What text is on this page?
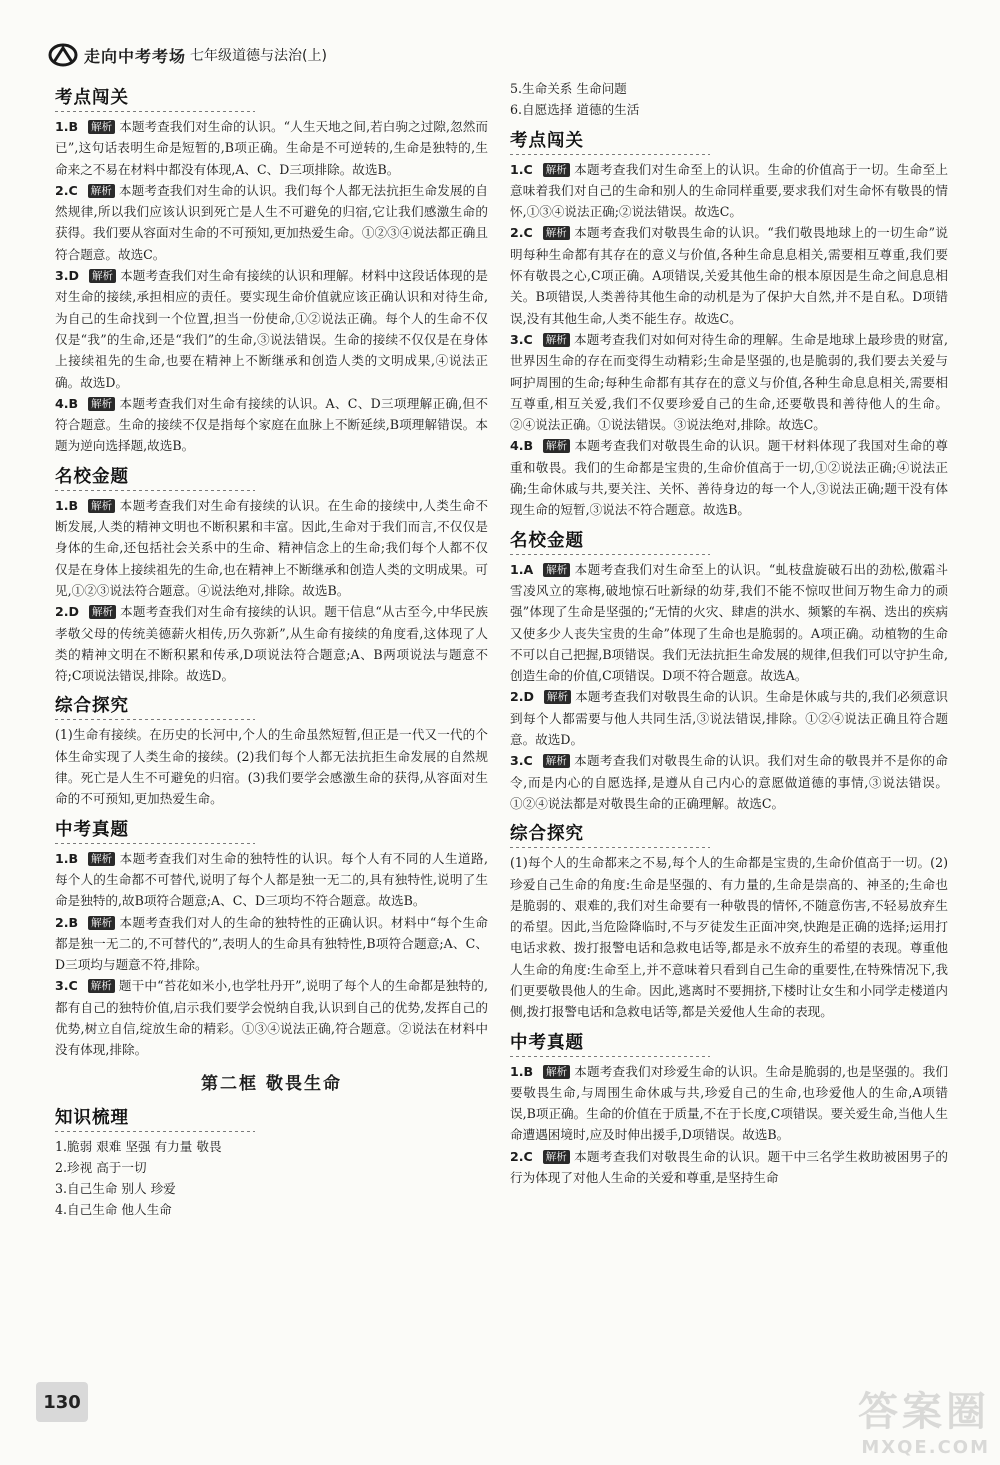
走向中考考场 七年级道德与法治(上)
考点闯关

1.B 解析 本题考查我们对生命的认识。“人生天地之间,若白驹之过隙,忽然而已”,这句话表明生命是短暂的,B项正确。生命是不可逆转的,生命是独特的,生命来之不易在材料中都没有体现,A、C、D三项排除。故选B。

2.C 解析 本题考查我们对生命的认识。我们每个人都无法抗拒生命发展的自然规律,所以我们应该认识到死亡是人生不可避免的归宿,它让我们感激生命的获得。我们要从容面对生命的不可预知,更加热爱生命。①②③④说法都正确且符合题意。故选C。

3.D 解析 本题考查我们对生命有接续的认识和理解。材料中这段话体现的是对生命的接续,承担相应的责任。要实现生命价值就应该正确认识和对待生命,为自己的生命找到一个位置,担当一份使命,①②说法正确。每个人的生命不仅仅是“我”的生命,还是“我们”的生命,③说法错误。生命的接续不仅仅是在身体上接续祖先的生命,也要在精神上不断继承和创造人类的文明成果,④说法正确。故选D。

4.B 解析 本题考查我们对生命有接续的认识。A、C、D三项理解正确,但不符合题意。生命的接续不仅是指每个家庭在血脉上不断延续,B项理解错误。本题为逆向选择题,故选B。

名校金题

1.B 解析 本题考查我们对生命有接续的认识。在生命的接续中,人类生命不断发展,人类的精神文明也不断积累和丰富。因此,生命对于我们而言,不仅仅是身体的生命,还包括社会关系中的生命、精神信念上的生命;我们每个人都不仅仅是在身体上接续祖先的生命,也在精神上不断继承和创造人类的文明成果。可见,①②③说法符合题意。④说法绝对,排除。故选B。

2.D 解析 本题考查我们对生命有接续的认识。题干信息“从古至今,中华民族孝敬父母的传统美德薪火相传,历久弥新”,从生命有接续的角度看,这体现了人类的精神文明在不断积累和传承,D项说法符合题意;A、B两项说法与题意不符;C项说法错误,排除。故选D。

综合探究

(1)生命有接续。在历史的长河中,个人的生命虽然短暂,但正是一代又一代的个体生命实现了人类生命的接续。(2)我们每个人都无法抗拒生命发展的自然规律。死亡是人生不可避免的归宿。(3)我们要学会感激生命的获得,从容面对生命的不可预知,更加热爱生命。

中考真题

1.B 解析 本题考查我们对生命的独特性的认识。每个人有不同的人生道路,每个人的生命都不可替代,说明了每个人都是独一无二的,具有独特性,说明了生命是独特的,故B项符合题意;A、C、D三项均不符合题意。故选B。

2.B 解析 本题考查我们对人的生命的独特性的正确认识。材料中“每个生命都是独一无二的,不可替代的”,表明人的生命具有独特性,B项符合题意;A、C、D三项均与题意不符,排除。

3.C 解析 题干中“苔花如米小,也学牡丹开”,说明了每个人的生命都是独特的,都有自己的独特价值,启示我们要学会悦纳自我,认识到自己的优势,发挥自己的优势,树立自信,绽放生命的精彩。①③④说法正确,符合题意。②说法在材料中没有体现,排除。

第二框 敬畏生命
知识梳理

1.脆弱 艰难 坚强 有力量 敬畏

2.珍视 高于一切

3.自己生命 别人 珍爱

4.自己生命 他人生命

5.生命关系 生命问题

6.自愿选择 道德的生活

考点闯关

1.C 解析 本题考查我们对生命至上的认识。生命的价值高于一切。生命至上意味着我们对自己的生命和别人的生命同样重要,要求我们对生命怀有敬畏的情怀,①③④说法正确;②说法错误。故选C。

2.C 解析 本题考查我们对敬畏生命的认识。“我们敬畏地球上的一切生命”说明每种生命都有其存在的意义与价值,各种生命息息相关,需要相互尊重,我们要怀有敬畏之心,C项正确。A项错误,关爱其他生命的根本原因是生命之间息息相关。B项错误,人类善待其他生命的动机是为了保护大自然,并不是自私。D项错误,没有其他生命,人类不能生存。故选C。

3.C 解析 本题考查我们对如何对待生命的理解。生命是地球上最珍贵的财富,世界因生命的存在而变得生动精彩;生命是坚强的,也是脆弱的,我们要去关爱与呵护周围的生命;每种生命都有其存在的意义与价值,各种生命息息相关,需要相互尊重,相互关爱,我们不仅要珍爱自己的生命,还要敬畏和善待他人的生命。②④说法正确。①说法错误。③说法绝对,排除。故选C。

4.B 解析 本题考查我们对敬畏生命的认识。题干材料体现了我国对生命的尊重和敬畏。我们的生命都是宝贵的,生命价值高于一切,①②说法正确;④说法正确;生命休戚与共,要关注、关怀、善待身边的每一个人,③说法正确;题干没有体现生命的短暂,③说法不符合题意。故选B。

名校金题

1.A 解析 本题考查我们对生命至上的认识。“虬枝盘旋破石出的劲松,傲霜斗雪凌风立的寒梅,破地惊石吐新绿的幼芽,我们不能不惊叹世间万物生命力的顽强”体现了生命是坚强的;“无情的火灾、肆虐的洪水、频繁的车祸、迭出的疾病又使多少人丧失宝贵的生命”体现了生命也是脆弱的。A项正确。动植物的生命不可以自己把握,B项错误。我们无法抗拒生命发展的规律,但我们可以守护生命,创造生命的价值,C项错误。D项不符合题意。故选A。

2.D 解析 本题考查我们对敬畏生命的认识。生命是休戚与共的,我们必须意识到每个人都需要与他人共同生活,③说法错误,排除。①②④说法正确且符合题意。故选D。

3.C 解析 本题考查我们对敬畏生命的认识。我们对生命的敬畏并不是你的命令,而是内心的自愿选择,是遵从自己内心的意愿做道德的事情,③说法错误。①②④说法都是对敬畏生命的正确理解。故选C。

综合探究

(1)每个人的生命都来之不易,每个人的生命都是宝贵的,生命价值高于一切。(2)珍爱自己生命的角度:生命是坚强的、有力量的,生命是崇高的、神圣的;生命也是脆弱的、艰难的,我们对生命要有一种敬畏的情怀,不随意伤害,不轻易放弃生的希望。因此,当危险降临时,不与歹徒发生正面冲突,快跑是正确的选择;运用打电话求救、拨打报警电话和急救电话等,都是永不放弃生的希望的表现。尊重他人生命的角度:生命至上,并不意味着只看到自己生命的重要性,在特殊情况下,我们更要敬畏他人的生命。因此,逃离时不要拥挤,下楼时让女生和小同学走楼道内侧,拨打报警电话和急救电话等,都是关爱他人生命的表现。

中考真题

1.B 解析 本题考查我们对珍爱生命的认识。生命是脆弱的,也是坚强的。我们要敬畏生命,与周围生命休戚与共,珍爱自己的生命,也珍爱他人的生命,A项错误,B项正确。生命的价值在于质量,不在于长度,C项错误。要关爱生命,当他人生命遭遇困境时,应及时伸出援手,D项错误。故选B。

2.C 解析 本题考查我们对敬畏生命的认识。题干中三名学生救助被困男子的行为体现了对他人生命的关爱和尊重,是坚持生命

130	答案圈
MXQE.COM
